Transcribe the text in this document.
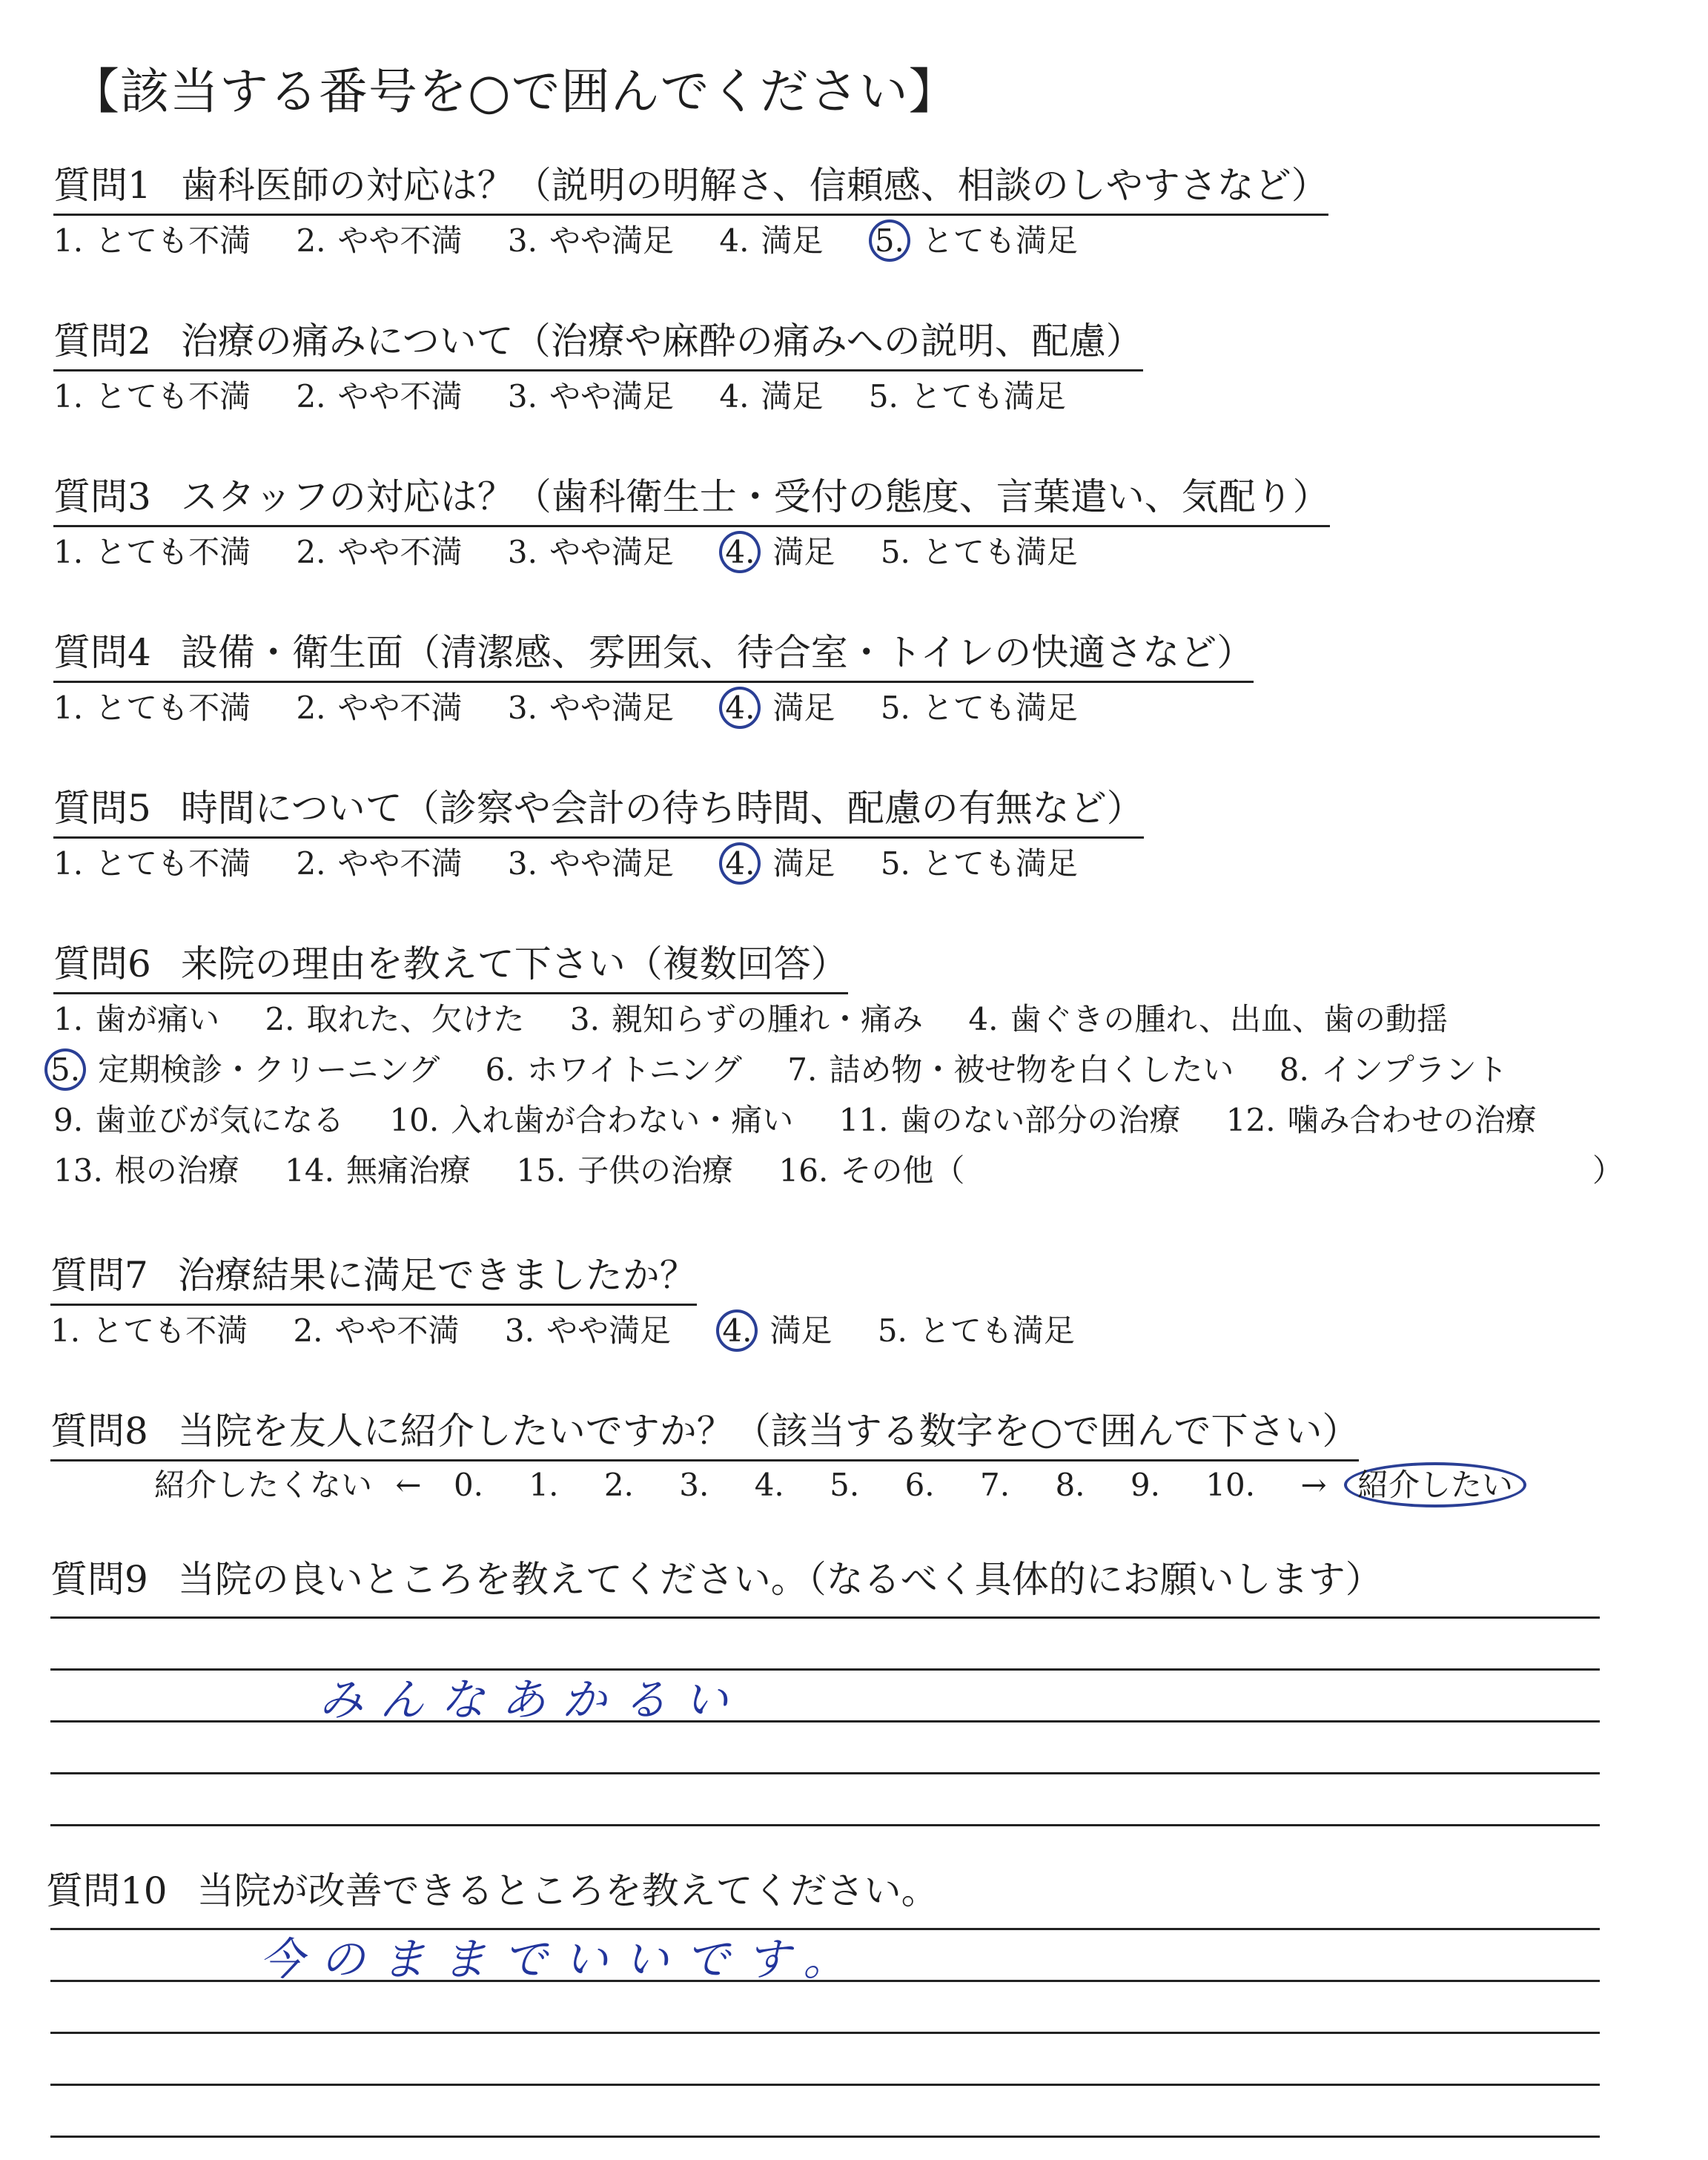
【該当する番号を○で囲んでください】
質問1 歯科医師の対応は？（説明の明解さ、信頼感、相談のしやすさなど）
1. とても不満 2. やや不満 3. やや満足 4. 満足 5. とても満足
質問2 治療の痛みについて（治療や麻酔の痛みへの説明、配慮）
1. とても不満 2. やや不満 3. やや満足 4. 満足 5. とても満足
質問3 スタッフの対応は？（歯科衛生士・受付の態度、言葉遣い、気配り）
1. とても不満 2. やや不満 3. やや満足 4. 満足 5. とても満足
質問4 設備・衛生面（清潔感、雰囲気、待合室・トイレの快適さなど）
1. とても不満 2. やや不満 3. やや満足 4. 満足 5. とても満足
質問5 時間について（診察や会計の待ち時間、配慮の有無など）
1. とても不満 2. やや不満 3. やや満足 4. 満足 5. とても満足
質問6 来院の理由を教えて下さい（複数回答）
1. 歯が痛い 2. 取れた、欠けた 3. 親知らずの腫れ・痛み 4. 歯ぐきの腫れ、出血、歯の動揺
5. 定期検診・クリーニング 6. ホワイトニング 7. 詰め物・被せ物を白くしたい 8. インプラント
9. 歯並びが気になる 10. 入れ歯が合わない・痛い 11. 歯のない部分の治療 12. 噛み合わせの治療
13. 根の治療 14. 無痛治療 15. 子供の治療 16. その他（	）
質問7 治療結果に満足できましたか？
1. とても不満 2. やや不満 3. やや満足 4. 満足 5. とても満足
質問8 当院を友人に紹介したいですか？（該当する数字を○で囲んで下さい）
紹介したくない ← 0. 1. 2. 3. 4. 5. 6. 7. 8. 9. 10. → 紹介したい
質問9 当院の良いところを教えてください。（なるべく具体的にお願いします）
みんなあかるい
質問10 当院が改善できるところを教えてください。
今のままでいいです。
